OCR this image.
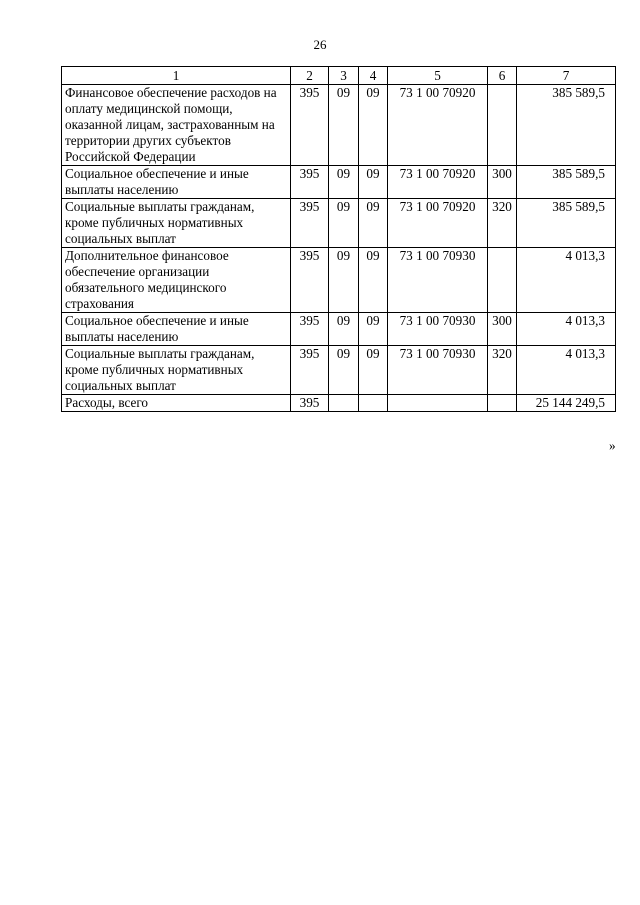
26
1	2	3	4	5	6	7
Финансовое обеспечение расходов на оплату медицинской помощи, оказанной лицам, застрахованным на территории других субъектов Российской Федерации	395	09	09	73 1 00 70920		385 589,5
Социальное обеспечение и иные выплаты населению	395	09	09	73 1 00 70920	300	385 589,5
Социальные выплаты гражданам, кроме публичных нормативных социальных выплат	395	09	09	73 1 00 70920	320	385 589,5
Дополнительное финансовое обеспечение организации обязательного медицинского страхования	395	09	09	73 1 00 70930		4 013,3
Социальное обеспечение и иные выплаты населению	395	09	09	73 1 00 70930	300	4 013,3
Социальные выплаты гражданам, кроме публичных нормативных социальных выплат	395	09	09	73 1 00 70930	320	4 013,3
Расходы, всего	395					25 144 249,5
»
